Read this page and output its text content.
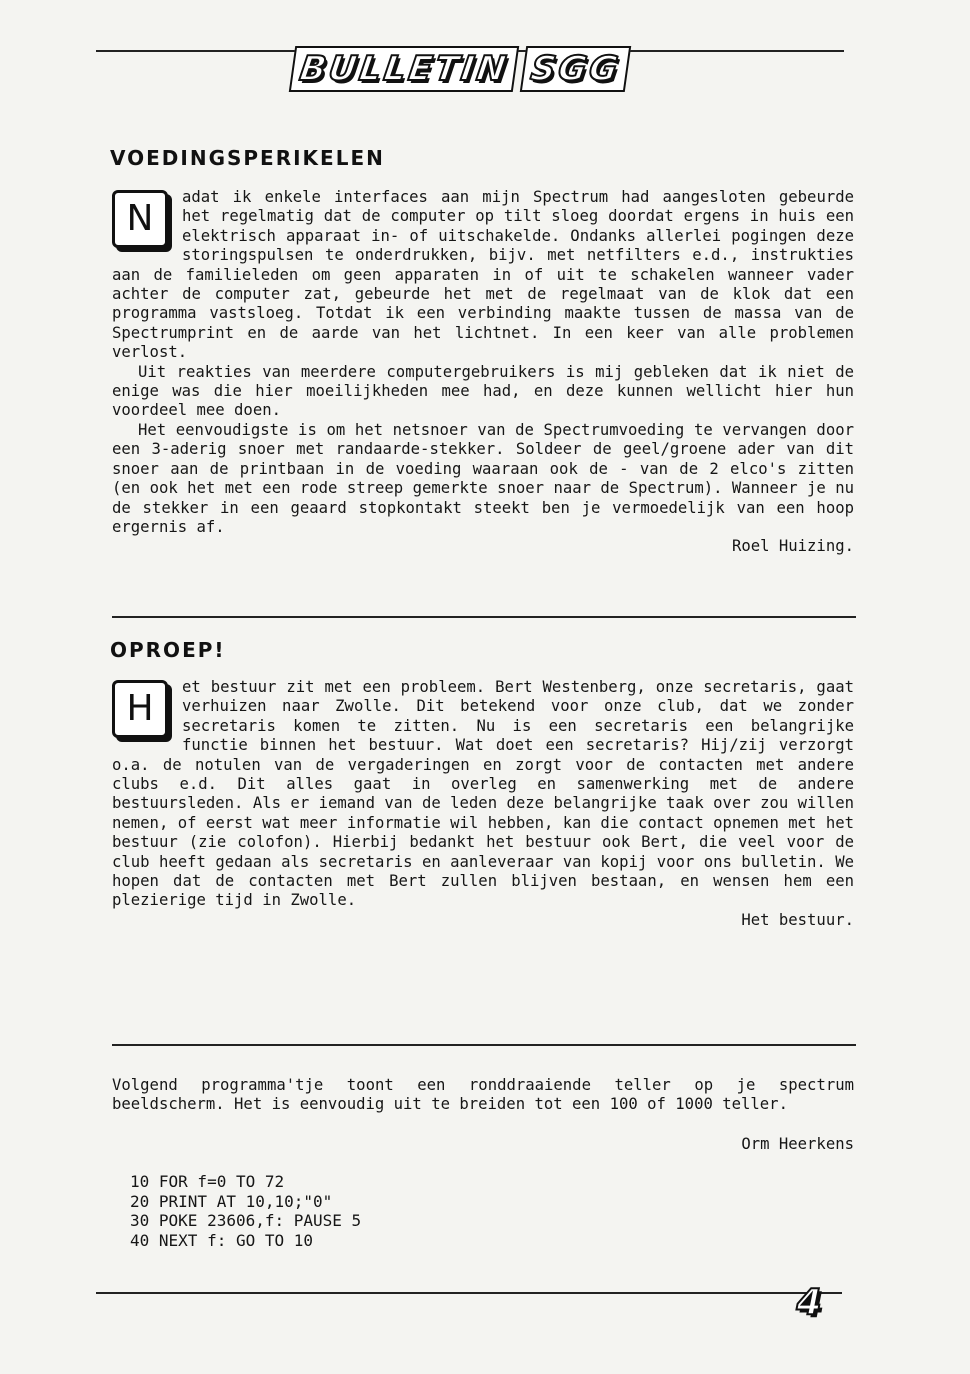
BULLETIN SGG
VOEDINGSPERIKELEN
N

adat ik enkele interfaces aan mijn Spectrum had aangesloten gebeurde het regelmatig dat de computer op tilt sloeg doordat ergens in huis een elektrisch apparaat in- of uitschakelde. Ondanks allerlei pogingen deze storingspulsen te onderdrukken, bijv. met netfilters e.d., instrukties aan de familieleden om geen apparaten in of uit te schakelen wanneer vader achter de computer zat, gebeurde het met de regelmaat van de klok dat een programma vastsloeg. Totdat ik een verbinding maakte tussen de massa van de Spectrumprint en de aarde van het lichtnet. In een keer van alle problemen verlost.

Uit reakties van meerdere computergebruikers is mij gebleken dat ik niet de enige was die hier moeilijkheden mee had, en deze kunnen wellicht hier hun voordeel mee doen.

Het eenvoudigste is om het netsnoer van de Spectrumvoeding te vervangen door een 3-aderig snoer met randaarde-stekker. Soldeer de geel/groene ader van dit snoer aan de printbaan in de voeding waaraan ook de - van de 2 elco's zitten (en ook het met een rode streep gemerkte snoer naar de Spectrum). Wanneer je nu de stekker in een geaard stopkontakt steekt ben je vermoedelijk van een hoop ergernis af.

Roel Huizing.

OPROEP!
H

et bestuur zit met een probleem. Bert Westenberg, onze secretaris, gaat verhuizen naar Zwolle. Dit betekend voor onze club, dat we zonder secretaris komen te zitten. Nu is een secretaris een belangrijke functie binnen het bestuur. Wat doet een secretaris? Hij/zij verzorgt o.a. de notulen van de vergaderingen en zorgt voor de contacten met andere clubs e.d. Dit alles gaat in overleg en samenwerking met de andere bestuursleden. Als er iemand van de leden deze belangrijke taak over zou willen nemen, of eerst wat meer informatie wil hebben, kan die contact opnemen met het bestuur (zie colofon). Hierbij bedankt het bestuur ook Bert, die veel voor de club heeft gedaan als secretaris en aanleveraar van kopij voor ons bulletin. We hopen dat de contacten met Bert zullen blijven bestaan, en wensen hem een plezierige tijd in Zwolle.

Het bestuur.

Volgend programma'tje toont een ronddraaiende teller op je spectrum beeldscherm. Het is eenvoudig uit te breiden tot een 100 of 1000 teller.

Orm Heerkens

10 FOR f=0 TO 72
20 PRINT AT 10,10;"0"
30 POKE 23606,f: PAUSE 5
40 NEXT f: GO TO 10
4
